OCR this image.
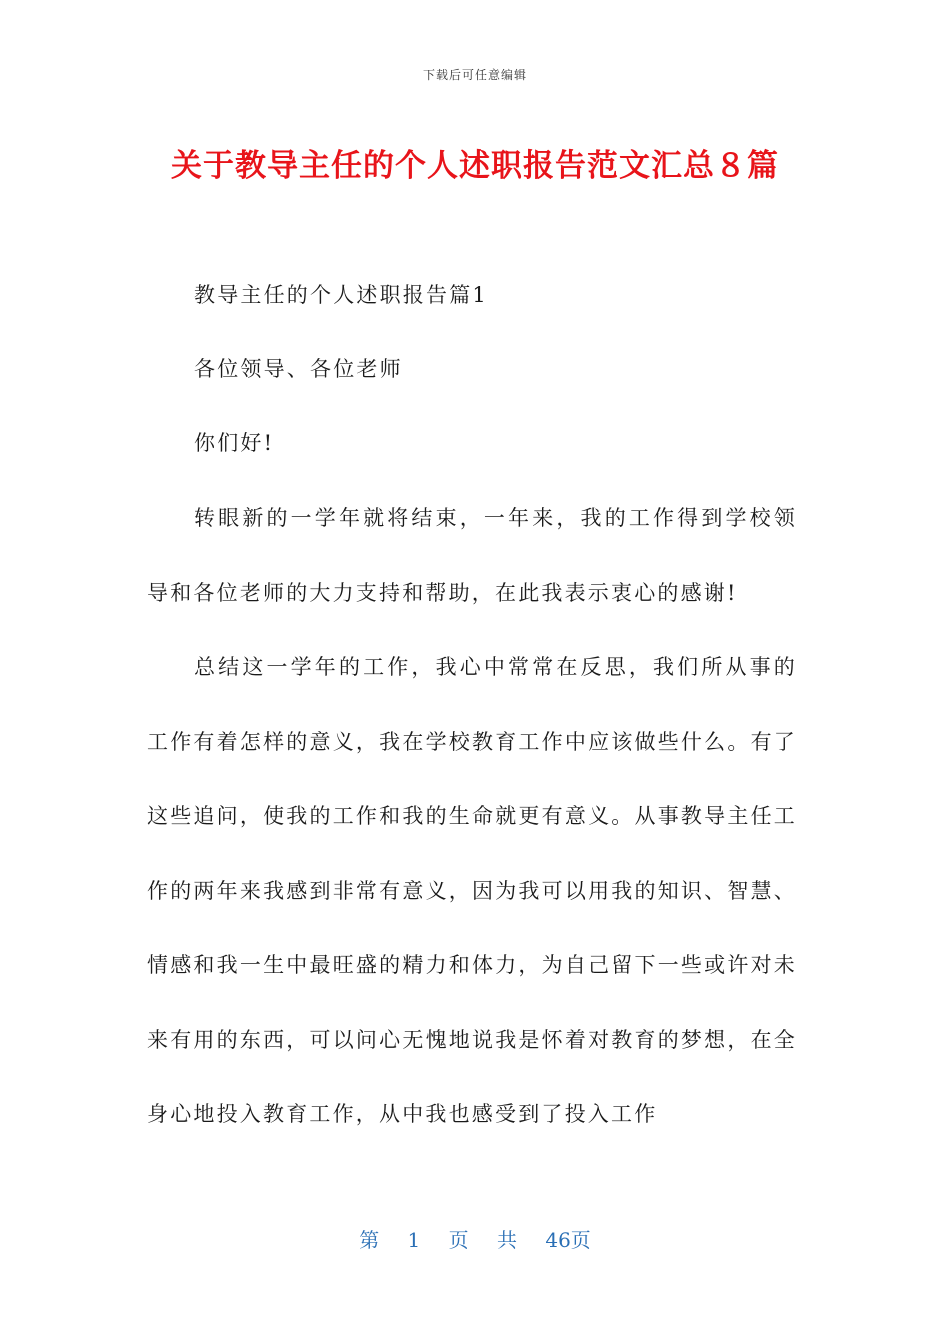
下载后可任意编辑
关于教导主任的个人述职报告范文汇总８篇

教导主任的个人述职报告篇1

各位领导、各位老师

你们好!

转眼新的一学年就将结束，一年来，我的工作得到学校领导和各位老师的大力支持和帮助，在此我表示衷心的感谢!

总结这一学年的工作，我心中常常在反思，我们所从事的工作有着怎样的意义，我在学校教育工作中应该做些什么。有了这些追问，使我的工作和我的生命就更有意义。从事教导主任工作的两年来我感到非常有意义，因为我可以用我的知识、智慧、情感和我一生中最旺盛的精力和体力，为自己留下一些或许对未来有用的东西，可以问心无愧地说我是怀着对教育的梦想，在全身心地投入教育工作，从中我也感受到了投入工作

第 1 页 共 46页
